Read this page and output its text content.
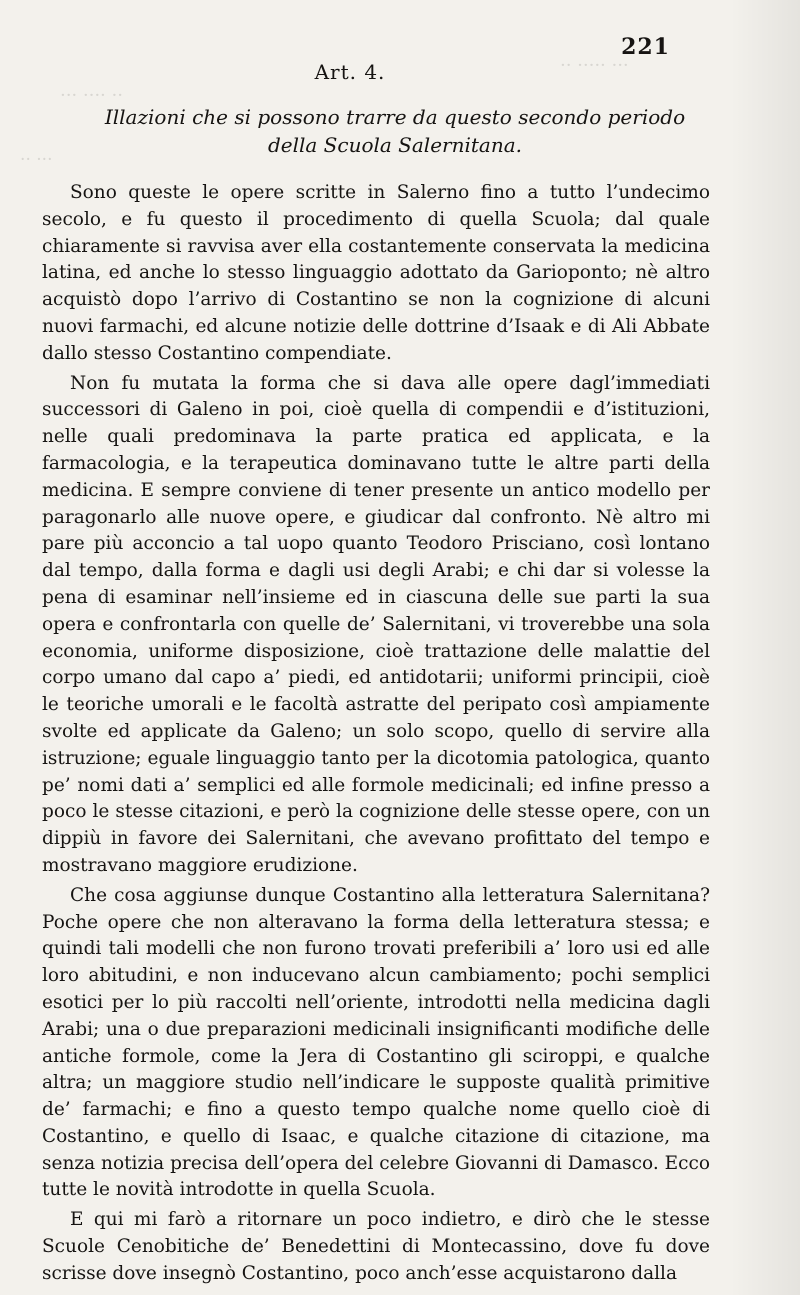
··· ····· ··
·· ···· ···
··· ··
221
Art. 4.
Illazioni che si possono trarre da questo secondo periodo
della Scuola Salernitana.

Sono queste le opere scritte in Salerno fino a tutto l’undecimo secolo, e fu questo il procedimento di quella Scuola; dal quale chiaramente si ravvisa aver ella costantemente conservata la medicina latina, ed anche lo stesso linguaggio adottato da Garioponto; nè altro acquistò dopo l’arrivo di Costantino se non la cognizione di alcuni nuovi farmachi, ed alcune notizie delle dottrine d’Isaak e di Ali Abbate dallo stesso Costantino compendiate.

Non fu mutata la forma che si dava alle opere dagl’immediati successori di Galeno in poi, cioè quella di compendii e d’istituzioni, nelle quali predominava la parte pratica ed applicata, e la farmacologia, e la terapeutica dominavano tutte le altre parti della medicina. E sempre conviene di tener presente un antico modello per paragonarlo alle nuove opere, e giudicar dal confronto. Nè altro mi pare più acconcio a tal uopo quanto Teodoro Prisciano, così lontano dal tempo, dalla forma e dagli usi degli Arabi; e chi dar si volesse la pena di esaminar nell’insieme ed in ciascuna delle sue parti la sua opera e confrontarla con quelle de’ Salernitani, vi troverebbe una sola economia, uniforme disposizione, cioè trattazione delle malattie del corpo umano dal capo a’ piedi, ed antidotarii; uniformi principii, cioè le teoriche umorali e le facoltà astratte del peripato così ampiamente svolte ed applicate da Galeno; un solo scopo, quello di servire alla istruzione; eguale linguaggio tanto per la dicotomia patologica, quanto pe’ nomi dati a’ semplici ed alle formole medicinali; ed infine presso a poco le stesse citazioni, e però la cognizione delle stesse opere, con un dippiù in favore dei Salernitani, che avevano profittato del tempo e mostravano maggiore erudizione.

Che cosa aggiunse dunque Costantino alla letteratura Salernitana? Poche opere che non alteravano la forma della letteratura stessa; e quindi tali modelli che non furono trovati preferibili a’ loro usi ed alle loro abitudini, e non inducevano alcun cambiamento; pochi semplici esotici per lo più raccolti nell’oriente, introdotti nella medicina dagli Arabi; una o due preparazioni medicinali insignificanti modifiche delle antiche formole, come la Jera di Costantino gli sciroppi, e qualche altra; un maggiore studio nell’indicare le supposte qualità primitive de’ farmachi; e fino a questo tempo qualche nome quello cioè di Costantino, e quello di Isaac, e qualche citazione di citazione, ma senza notizia precisa dell’opera del celebre Giovanni di Damasco. Ecco tutte le novità introdotte in quella Scuola.

E qui mi farò a ritornare un poco indietro, e dirò che le stesse Scuole Cenobitiche de’ Benedettini di Montecassino, dove fu dove scrisse dove insegnò Costantino, poco anch’esse acquistarono dalla
